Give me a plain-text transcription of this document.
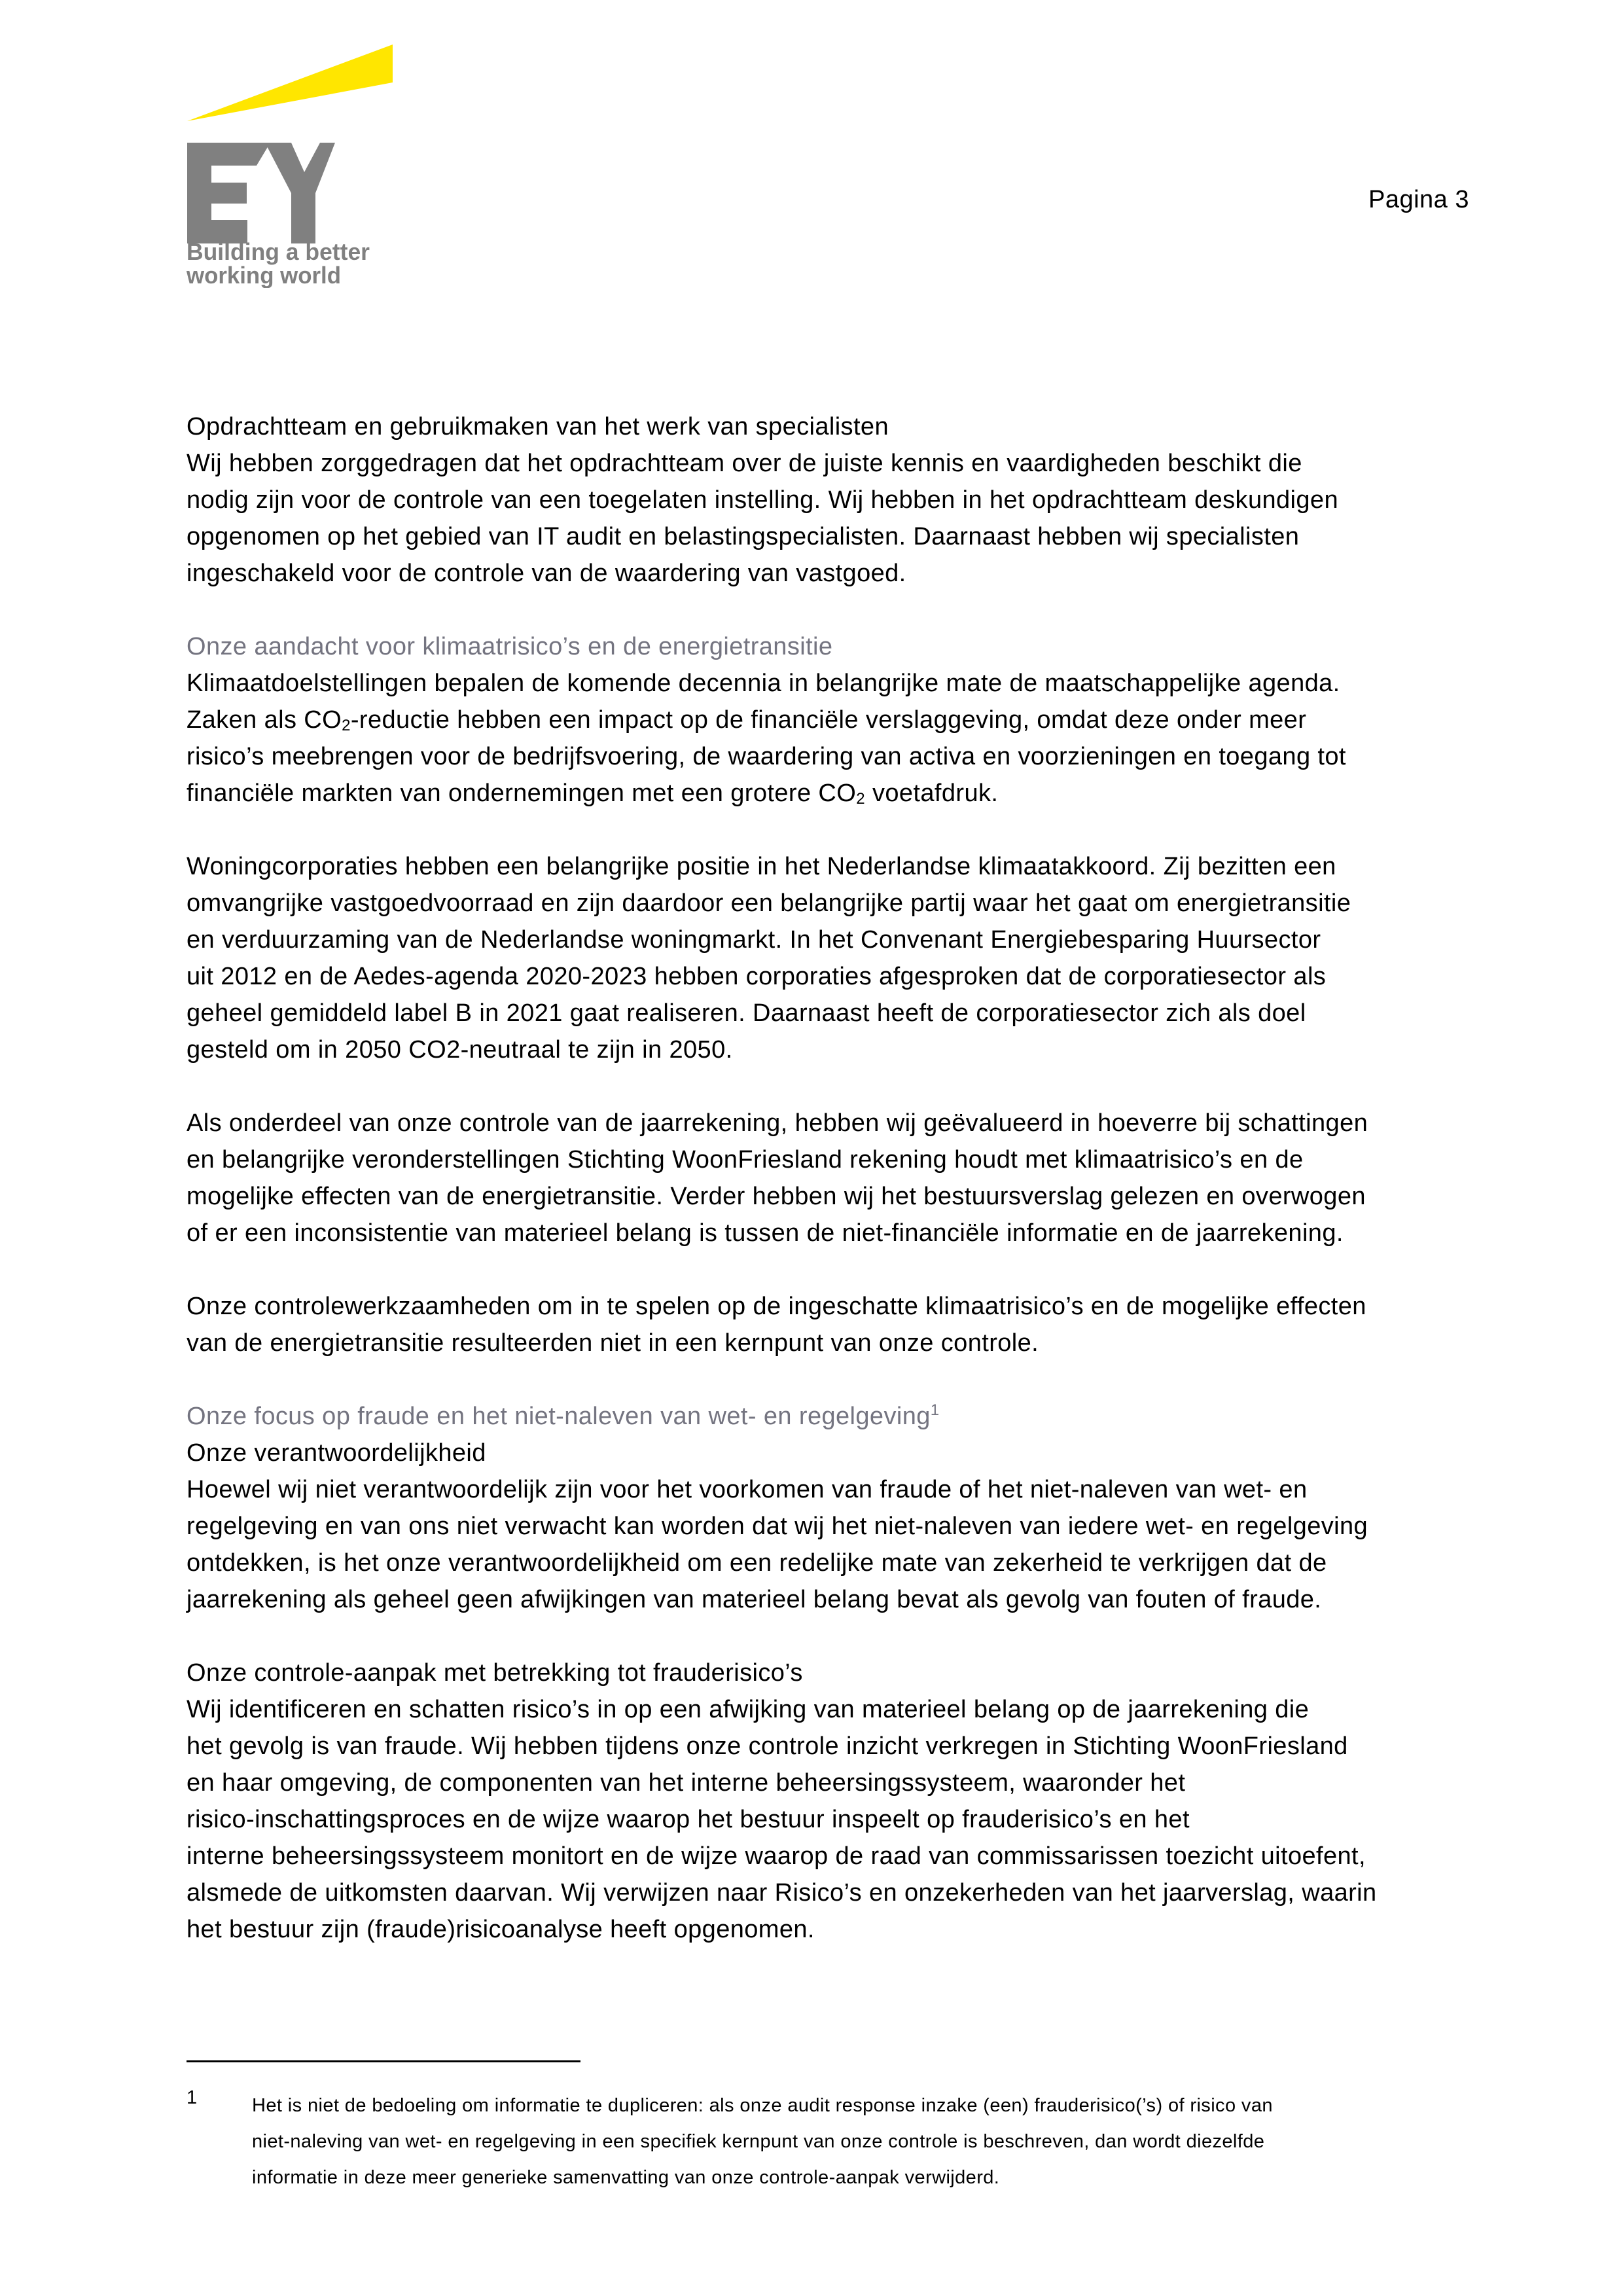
Building a better
working world
Pagina 3
Opdrachtteam en gebruikmaken van het werk van specialisten
Wij hebben zorggedragen dat het opdrachtteam over de juiste kennis en vaardigheden beschikt die
nodig zijn voor de controle van een toegelaten instelling. Wij hebben in het opdrachtteam deskundigen
opgenomen op het gebied van IT audit en belastingspecialisten. Daarnaast hebben wij specialisten
ingeschakeld voor de controle van de waardering van vastgoed.
Onze aandacht voor klimaatrisico’s en de energietransitie
Klimaatdoelstellingen bepalen de komende decennia in belangrijke mate de maatschappelijke agenda.
Zaken als $CO_2$-reductie hebben een impact op de financiële verslaggeving, omdat deze onder meer
risico’s meebrengen voor de bedrijfsvoering, de waardering van activa en voorzieningen en toegang tot
financiële markten van ondernemingen met een grotere $CO_2$ voetafdruk.
Woningcorporaties hebben een belangrijke positie in het Nederlandse klimaatakkoord. Zij bezitten een
omvangrijke vastgoedvoorraad en zijn daardoor een belangrijke partij waar het gaat om energietransitie
en verduurzaming van de Nederlandse woningmarkt. In het Convenant Energiebesparing Huursector
uit 2012 en de Aedes-agenda 2020-2023 hebben corporaties afgesproken dat de corporatiesector als
geheel gemiddeld label B in 2021 gaat realiseren. Daarnaast heeft de corporatiesector zich als doel
gesteld om in 2050 CO2-neutraal te zijn in 2050.
Als onderdeel van onze controle van de jaarrekening, hebben wij geëvalueerd in hoeverre bij schattingen
en belangrijke veronderstellingen Stichting WoonFriesland rekening houdt met klimaatrisico’s en de
mogelijke effecten van de energietransitie. Verder hebben wij het bestuursverslag gelezen en overwogen
of er een inconsistentie van materieel belang is tussen de niet-financiële informatie en de jaarrekening.
Onze controlewerkzaamheden om in te spelen op de ingeschatte klimaatrisico’s en de mogelijke effecten
van de energietransitie resulteerden niet in een kernpunt van onze controle.
Onze focus op fraude en het niet-naleven van wet- en regelgeving$^1$
Onze verantwoordelijkheid
Hoewel wij niet verantwoordelijk zijn voor het voorkomen van fraude of het niet-naleven van wet- en
regelgeving en van ons niet verwacht kan worden dat wij het niet-naleven van iedere wet- en regelgeving
ontdekken, is het onze verantwoordelijkheid om een redelijke mate van zekerheid te verkrijgen dat de
jaarrekening als geheel geen afwijkingen van materieel belang bevat als gevolg van fouten of fraude.
Onze controle-aanpak met betrekking tot frauderisico’s
Wij identificeren en schatten risico’s in op een afwijking van materieel belang op de jaarrekening die
het gevolg is van fraude. Wij hebben tijdens onze controle inzicht verkregen in Stichting WoonFriesland
en haar omgeving, de componenten van het interne beheersingssysteem, waaronder het
risico-inschattingsproces en de wijze waarop het bestuur inspeelt op frauderisico’s en het
interne beheersingssysteem monitort en de wijze waarop de raad van commissarissen toezicht uitoefent,
alsmede de uitkomsten daarvan. Wij verwijzen naar Risico’s en onzekerheden van het jaarverslag, waarin
het bestuur zijn (fraude)risicoanalyse heeft opgenomen.
1	Het is niet de bedoeling om informatie te dupliceren: als onze audit response inzake (een) frauderisico(’s) of risico van
niet-naleving van wet- en regelgeving in een specifiek kernpunt van onze controle is beschreven, dan wordt diezelfde
informatie in deze meer generieke samenvatting van onze controle-aanpak verwijderd.
